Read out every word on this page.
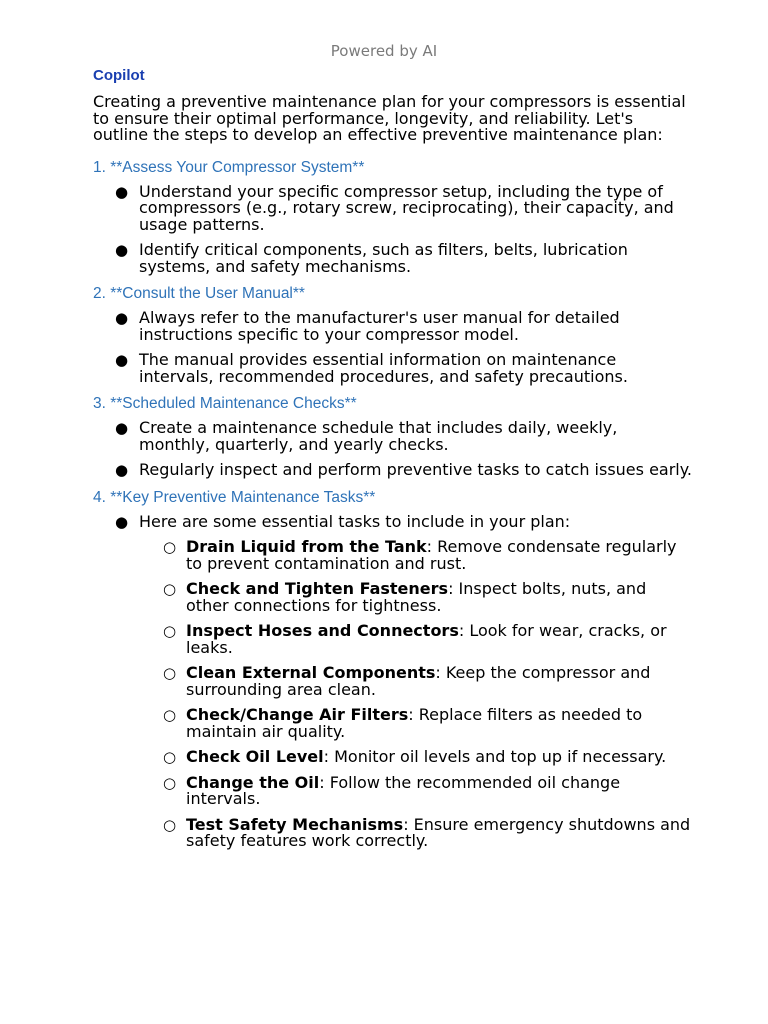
Powered by AI
Copilot

Creating a preventive maintenance plan for your compressors is essential to ensure their optimal performance, longevity, and reliability. Let's outline the steps to develop an effective preventive maintenance plan:

1. **Assess Your Compressor System**
● Understand your specific compressor setup, including the type of compressors (e.g., rotary screw, reciprocating), their capacity, and usage patterns.
● Identify critical components, such as filters, belts, lubrication systems, and safety mechanisms.
2. **Consult the User Manual**
● Always refer to the manufacturer's user manual for detailed instructions specific to your compressor model.
● The manual provides essential information on maintenance intervals, recommended procedures, and safety precautions.
3. **Scheduled Maintenance Checks**
● Create a maintenance schedule that includes daily, weekly, monthly, quarterly, and yearly checks.
● Regularly inspect and perform preventive tasks to catch issues early.
4. **Key Preventive Maintenance Tasks**
● Here are some essential tasks to include in your plan:
○ Drain Liquid from the Tank: Remove condensate regularly to prevent contamination and rust.
○ Check and Tighten Fasteners: Inspect bolts, nuts, and other connections for tightness.
○ Inspect Hoses and Connectors: Look for wear, cracks, or leaks.
○ Clean External Components: Keep the compressor and surrounding area clean.
○ Check/Change Air Filters: Replace filters as needed to maintain air quality.
○ Check Oil Level: Monitor oil levels and top up if necessary.
○ Change the Oil: Follow the recommended oil change intervals.
○ Test Safety Mechanisms: Ensure emergency shutdowns and safety features work correctly.
